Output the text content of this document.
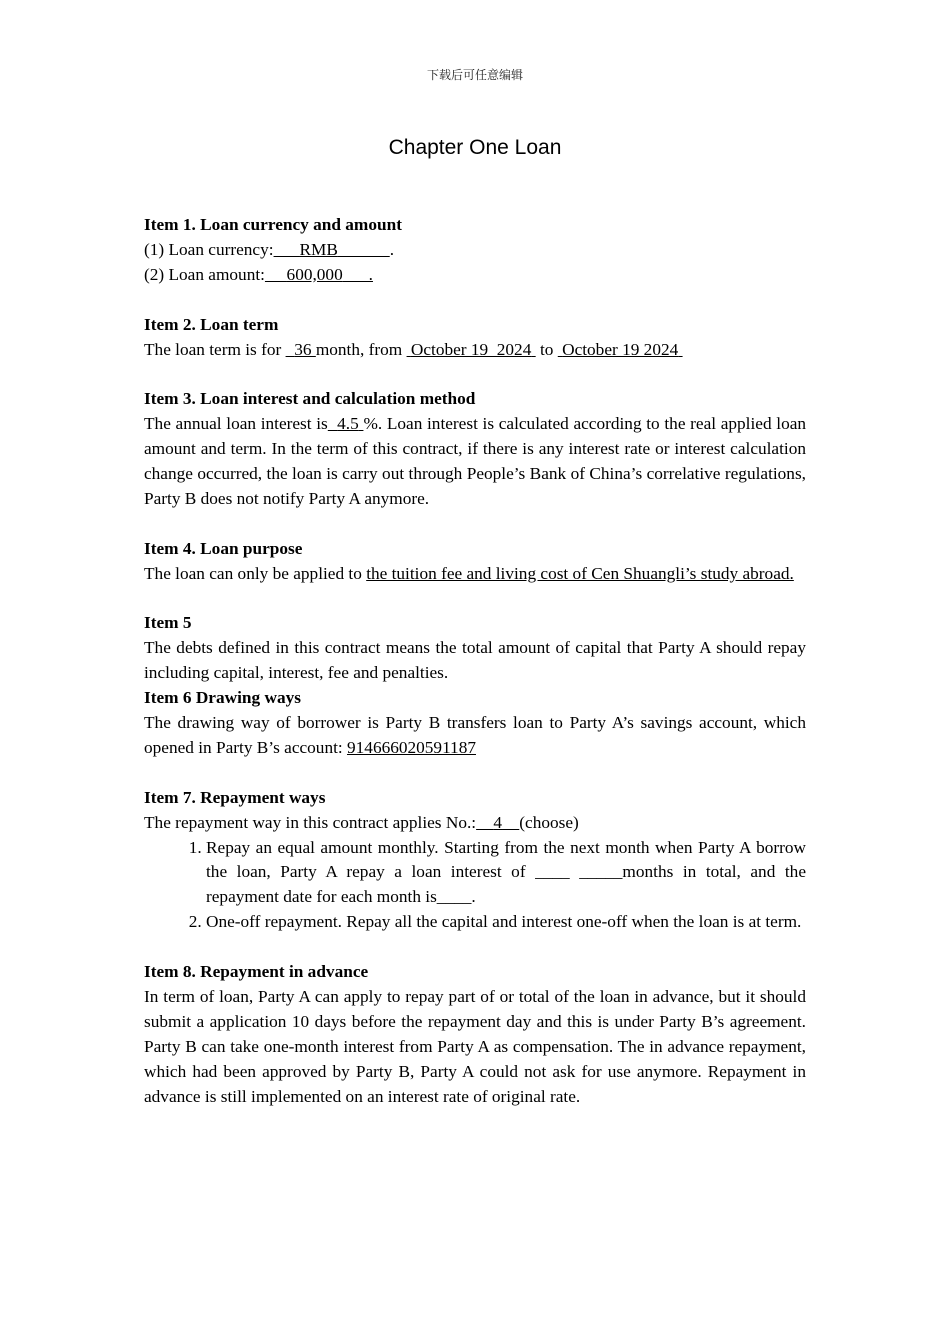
下载后可任意编辑
Chapter One Loan

Item 1. Loan currency and amount

(1) Loan currency: RMB	.

(2) Loan amount: 600,000      .

Item 2. Loan term

The loan term is for   36 month, from  October 19  2024  to  October 19 2024

Item 3. Loan interest and calculation method

The annual loan interest is 4.5 %. Loan interest is calculated according to the real applied loan amount and term. In the term of this contract, if there is any interest rate or interest calculation change occurred, the loan is carry out through People’s Bank of China’s correlative regulations, Party B does not notify Party A anymore.

Item 4. Loan purpose

The loan can only be applied to the tuition fee and living cost of Cen Shuangli’s study abroad.

Item 5

The debts defined in this contract means the total amount of capital that Party A should repay including capital, interest, fee and penalties.

Item 6 Drawing ways

The drawing way of borrower is Party B transfers loan to Party A’s savings account, which opened in Party B’s account: 914666020591187

Item 7. Repayment ways

The repayment way in this contract applies No.: 4 (choose)

1. Repay an equal amount monthly. Starting from the next month when Party A borrow the loan, Party A repay a loan interest of ____ _____months in total, and the repayment date for each month is____.
2. One-off repayment. Repay all the capital and interest one-off when the loan is at term.

Item 8. Repayment in advance

In term of loan, Party A can apply to repay part of or total of the loan in advance, but it should submit a application 10 days before the repayment day and this is under Party B’s agreement. Party B can take one-month interest from Party A as compensation. The in advance repayment, which had been approved by Party B, Party A could not ask for use anymore. Repayment in advance is still implemented on an interest rate of original rate.
